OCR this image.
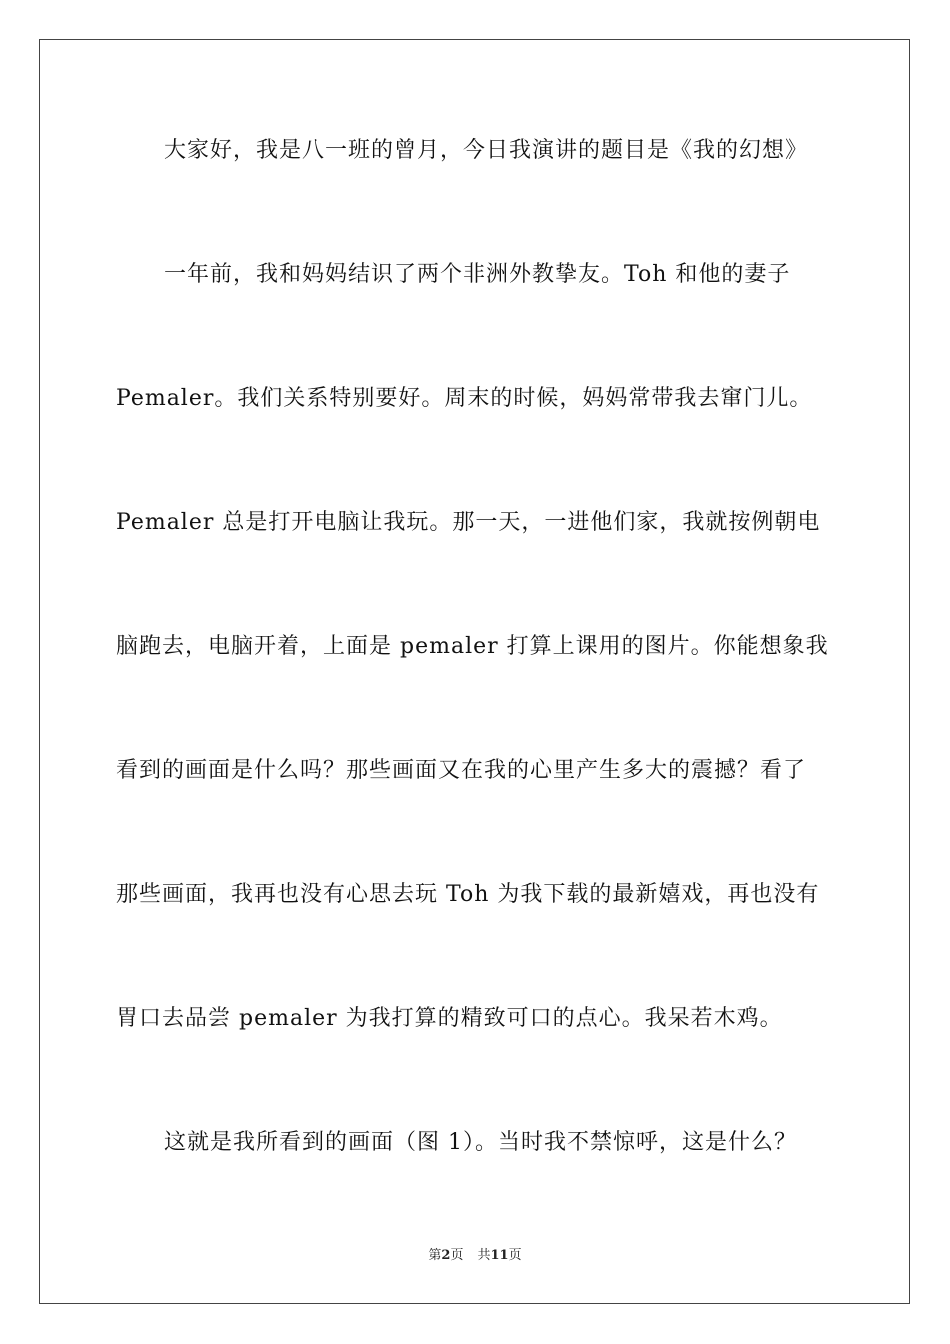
大家好，我是八一班的曾月，今日我演讲的题目是《我的幻想》
一年前，我和妈妈结识了两个非洲外教挚友。Toh 和他的妻子
Pemaler。我们关系特别要好。周末的时候，妈妈常带我去窜门儿。
Pemaler 总是打开电脑让我玩。那一天，一进他们家，我就按例朝电
脑跑去，电脑开着，上面是 pemaler 打算上课用的图片。你能想象我
看到的画面是什么吗？那些画面又在我的心里产生多大的震撼？看了
那些画面，我再也没有心思去玩 Toh 为我下载的最新嬉戏，再也没有
胃口去品尝 pemaler 为我打算的精致可口的点心。我呆若木鸡。
这就是我所看到的画面（图 1）。当时我不禁惊呼，这是什么？
第2页 共11页
